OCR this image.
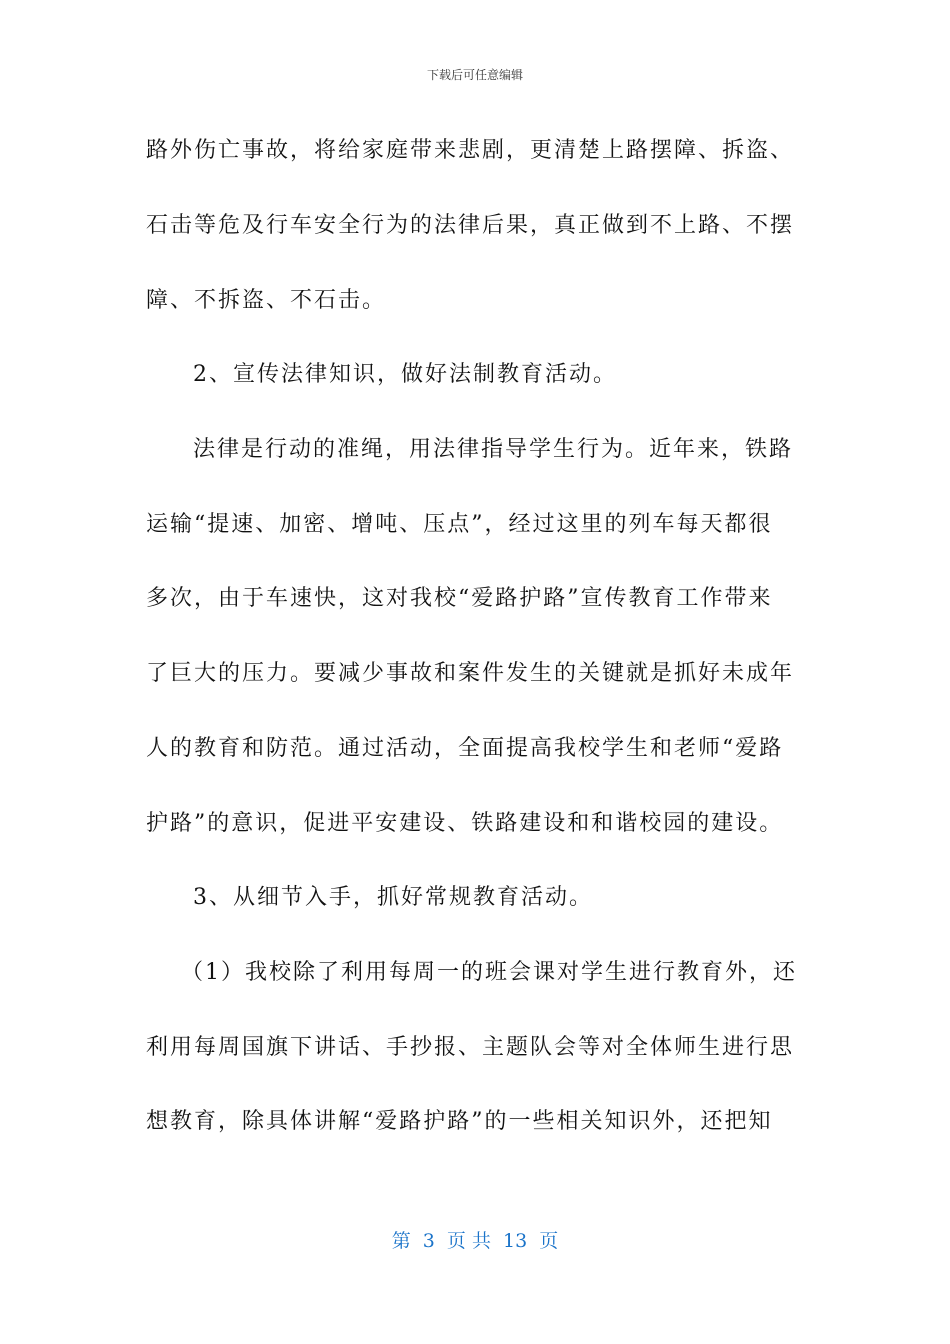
下载后可任意编辑
路外伤亡事故，将给家庭带来悲剧，更清楚上路摆障、拆盗、
石击等危及行车安全行为的法律后果，真正做到不上路、不摆
障、不拆盗、不石击。
2、宣传法律知识，做好法制教育活动。
法律是行动的准绳，用法律指导学生行为。近年来，铁路
运输“提速、加密、增吨、压点”，经过这里的列车每天都很
多次，由于车速快，这对我校“爱路护路”宣传教育工作带来
了巨大的压力。要减少事故和案件发生的关键就是抓好未成年
人的教育和防范。通过活动，全面提高我校学生和老师“爱路
护路”的意识，促进平安建设、铁路建设和和谐校园的建设。
3、从细节入手，抓好常规教育活动。
（1）我校除了利用每周一的班会课对学生进行教育外，还
利用每周国旗下讲话、手抄报、主题队会等对全体师生进行思
想教育，除具体讲解“爱路护路”的一些相关知识外，还把知
第  3  页 共  13  页
